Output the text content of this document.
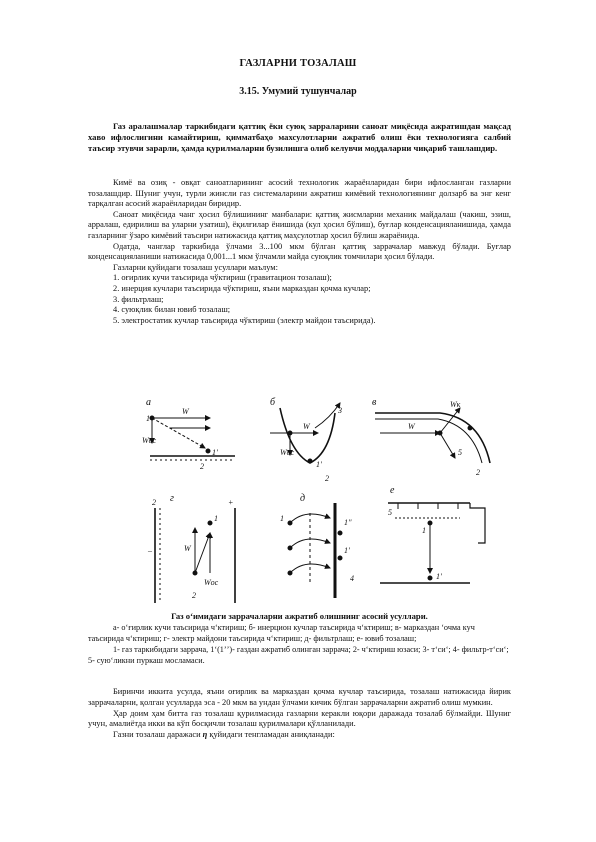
ГАЗЛАРНИ ТОЗАЛАШ
3.15. Умумий тушунчалар
Газ аралашмалар таркибидаги қаттиқ ёки суюқ зарраларини саноат миқёсида ажратишдан мақсад хаво ифлослигини камайтириш, қимматбаҳо махсулотларни ажратиб олиш ёки технологияга салбий таъсир этувчи зарарли, ҳамда қурилмаларни бузилишга олиб келувчи моддаларни чиқариб ташлашдир.

Кимё ва озиқ - овқат саноатларининг асосий технологик жараёнларидан бири ифлосланган газларни тозалашдир. Шуниг учун, турли жинсли газ системаларини ажратиш кимёвий технологиянинг долзарб ва энг кенг тарқалган асосий жараёнларидан биридир.

Саноат миқёсида чанг ҳосил бўлишининг манбалари: қаттиқ жисмларни механик майдалаш (чакиш, эзиш, арралаш, едирилиш ва уларни узатиш), ёқилғилар ёнишида (кул ҳосил бўлиш), буғлар конденсацияланишида, ҳамда газларнинг ўзаро кимёвий таъсири натижасида қаттиқ маҳсулотлар ҳосил бўлиш жараёнида.

Одатда, чанглар таркибида ўлчами 3...100 мкм бўлган қаттиқ заррачалар мавжуд бўлади. Буғлар конденсацияланиши натижасида 0,001...1 мкм ўлчамли майда суюқлик томчилари ҳосил бўлади.

Газларни қуйидаги тозалаш усуллари маълум:

1. оғирлик кучи таъсирида чўктириш (гравитацион тозалаш);
2. инерция кучлари таъсирида чўктириш, яъни марказдан қочма кучлар;
3. фильтрлаш;
4. суюқлик билан ювиб тозалаш;
5. электростатик кучлар таъсирида чўктириш (электр майдон таъсирида).
а	б	в
г	д
е
W
Wос
1'
1
2
W
Wос
3
1'
2
Wк
W
5
2
2	+
–	W
Wос
1
2
1	1''
1'
4
5
1
1'
Газ oʻимидаги заррачаларни ажратиб олишнинг асосий усуллари.

а- oʻғирлик кучи таъсирида чʻктириш; б- инерцион кучлар таъсирида чʻктириш; в- марказдан ʻочма куч таъсирида чʻктириш; г- электр майдони таъсирида чʻктириш; д- фильтрлаш; е- ювиб тозалаш;

1- газ таркибидаги заррача, 1ʻ(1ʼʼ)- газдан ажратиб олинган заррача; 2- чʻктириш юзаси; 3- тʻсиʻ; 4- фильтр-тʻсиʻ; 5- суюʻликни пуркаш мосламаси.

Биринчи иккита усулда, яъни оғирлик ва марказдан қочма кучлар таъсирида, тозалаш натижасида йирик заррачаларни, қолган усулларда эса - 20 мкм ва ундан ўлчами кичик бўлган заррачаларни ажратиб олиш мумкин.

Ҳар доим ҳам битта газ тозалаш қурилмасида газларни керакли юқори даражада тозалаб бўлмайди. Шуниг учун, амалиётда икки ва кўп босқичли тозалаш қурилмалари қўлланилади.

Газни тозалаш даражаси η қуйидаги тенгламадан аниқланади:
